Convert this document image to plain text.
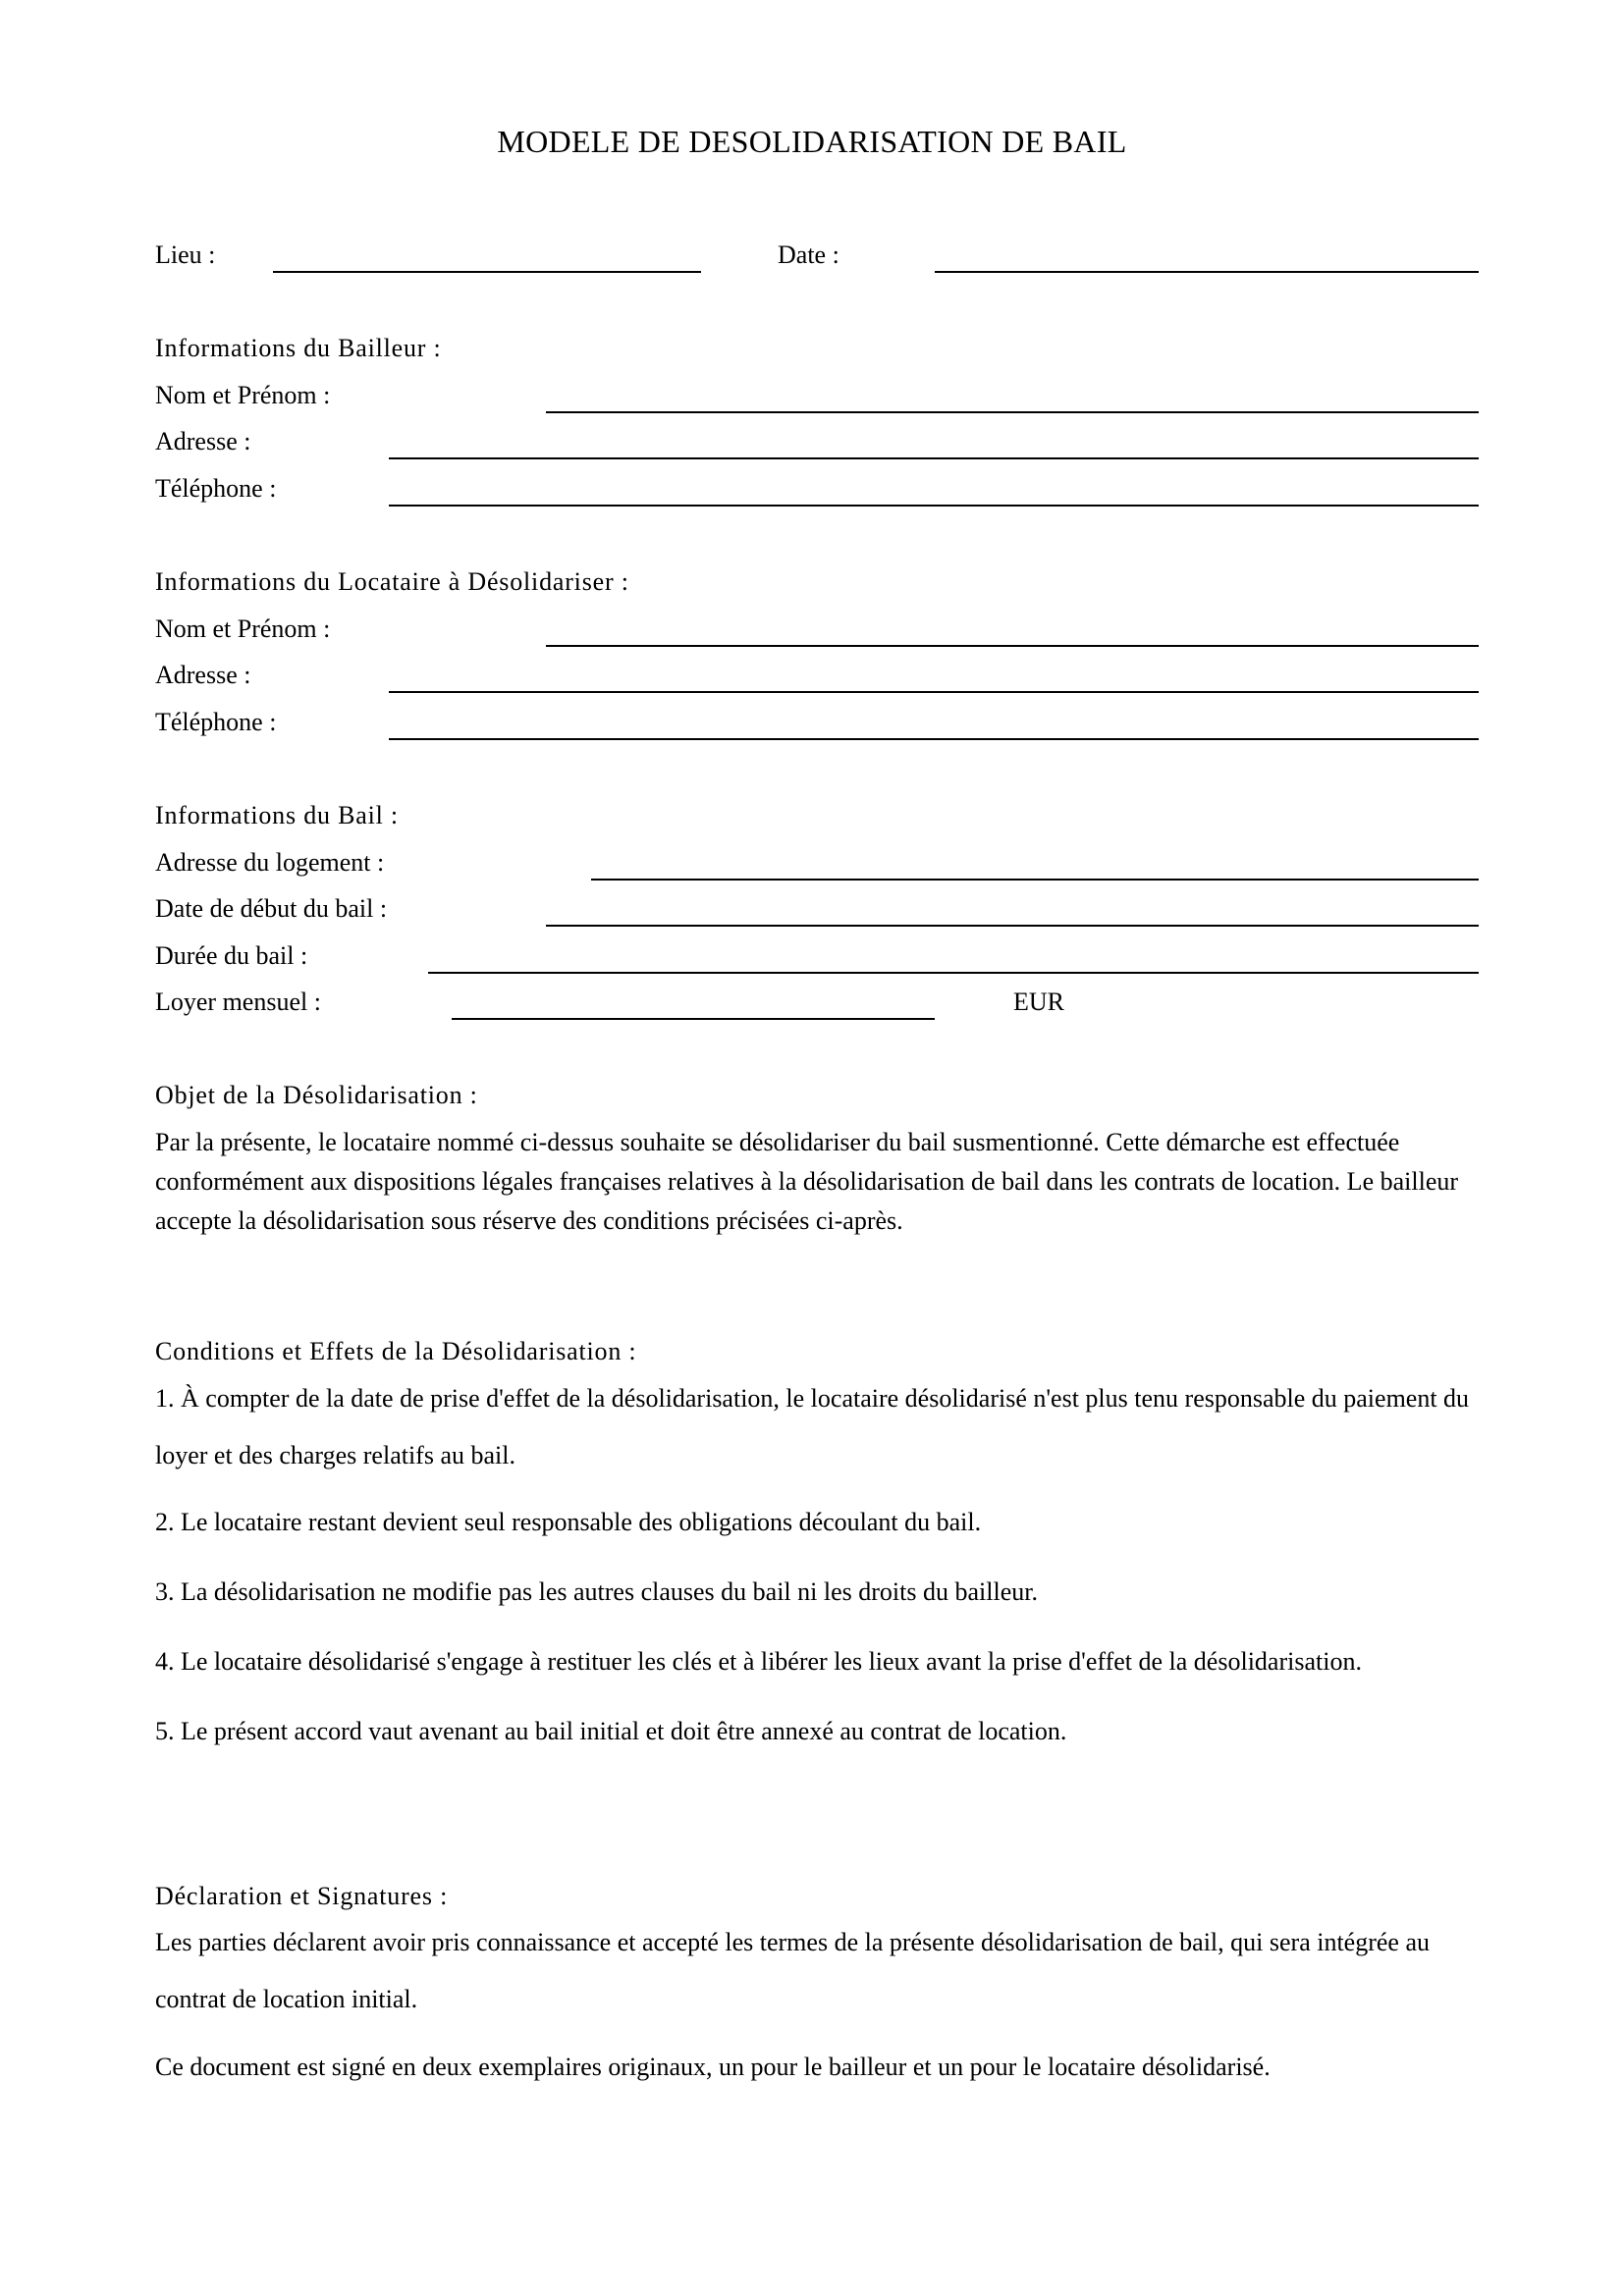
MODELE DE DESOLIDARISATION DE BAIL
Lieu :	Date :
Informations du Bailleur :
Nom et Prénom :
Adresse :
Téléphone :
Informations du Locataire à Désolidariser :
Nom et Prénom :
Adresse :
Téléphone :
Informations du Bail :
Adresse du logement :
Date de début du bail :
Durée du bail :
Loyer mensuel :	EUR
Objet de la Désolidarisation :
Par la présente, le locataire nommé ci-dessus souhaite se désolidariser du bail susmentionné. Cette démarche est effectuée conformément aux dispositions légales françaises relatives à la désolidarisation de bail dans les contrats de location. Le bailleur accepte la désolidarisation sous réserve des conditions précisées ci-après.
Conditions et Effets de la Désolidarisation :
1. À compter de la date de prise d'effet de la désolidarisation, le locataire désolidarisé n'est plus tenu responsable du paiement du loyer et des charges relatifs au bail.
2. Le locataire restant devient seul responsable des obligations découlant du bail.
3. La désolidarisation ne modifie pas les autres clauses du bail ni les droits du bailleur.
4. Le locataire désolidarisé s'engage à restituer les clés et à libérer les lieux avant la prise d'effet de la désolidarisation.
5. Le présent accord vaut avenant au bail initial et doit être annexé au contrat de location.
Déclaration et Signatures :
Les parties déclarent avoir pris connaissance et accepté les termes de la présente désolidarisation de bail, qui sera intégrée au contrat de location initial.
Ce document est signé en deux exemplaires originaux, un pour le bailleur et un pour le locataire désolidarisé.
